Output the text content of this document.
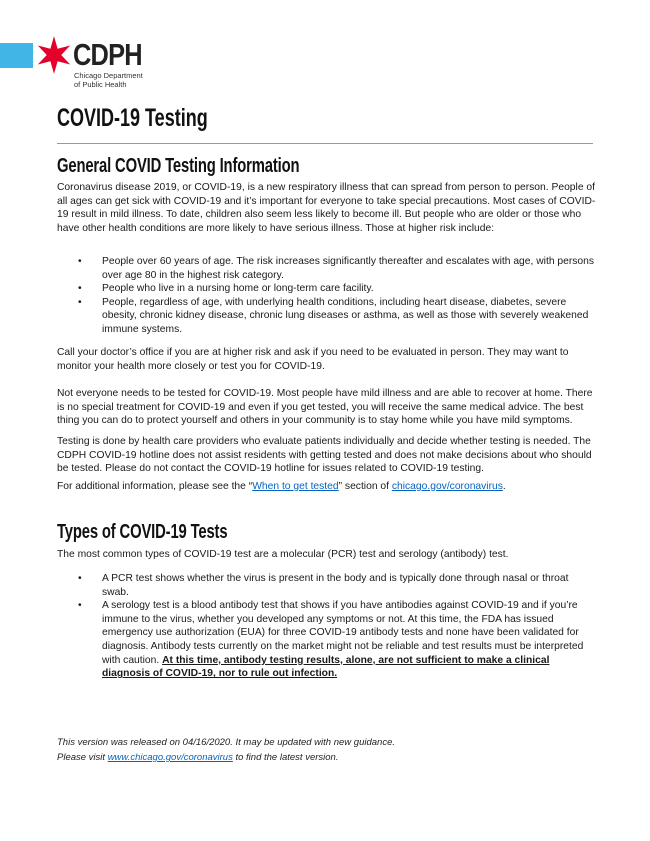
CDPH
Chicago Department
of Public Health
COVID-19 Testing
General COVID Testing Information

Coronavirus disease 2019, or COVID-19, is a new respiratory illness that can spread from person to person. People of all ages can get sick with COVID-19 and it’s important for everyone to take special precautions. Most cases of COVID-19 result in mild illness. To date, children also seem less likely to become ill. But people who are older or those who have other health conditions are more likely to have serious illness. Those at higher risk include:

• People over 60 years of age. The risk increases significantly thereafter and escalates with age, with persons over age 80 in the highest risk category.
• People who live in a nursing home or long-term care facility.
• People, regardless of age, with underlying health conditions, including heart disease, diabetes, severe obesity, chronic kidney disease, chronic lung diseases or asthma, as well as those with severely weakened immune systems.

Call your doctor’s office if you are at higher risk and ask if you need to be evaluated in person. They may want to monitor your health more closely or test you for COVID-19.

Not everyone needs to be tested for COVID-19. Most people have mild illness and are able to recover at home. There is no special treatment for COVID-19 and even if you get tested, you will receive the same medical advice. The best thing you can do to protect yourself and others in your community is to stay home while you have mild symptoms.

Testing is done by health care providers who evaluate patients individually and decide whether testing is needed. The CDPH COVID-19 hotline does not assist residents with getting tested and does not make decisions about who should be tested. Please do not contact the COVID-19 hotline for issues related to COVID-19 testing.

For additional information, please see the “When to get tested” section of chicago.gov/coronavirus.

Types of COVID-19 Tests

The most common types of COVID-19 test are a molecular (PCR) test and serology (antibody) test.

• A PCR test shows whether the virus is present in the body and is typically done through nasal or throat swab.
• A serology test is a blood antibody test that shows if you have antibodies against COVID-19 and if you’re immune to the virus, whether you developed any symptoms or not. At this time, the FDA has issued emergency use authorization (EUA) for three COVID-19 antibody tests and none have been validated for diagnosis. Antibody tests currently on the market might not be reliable and test results must be interpreted with caution. At this time, antibody testing results, alone, are not sufficient to make a clinical diagnosis of COVID-19, nor to rule out infection.
This version was released on 04/16/2020. It may be updated with new guidance.
Please visit www.chicago.gov/coronavirus to find the latest version.
